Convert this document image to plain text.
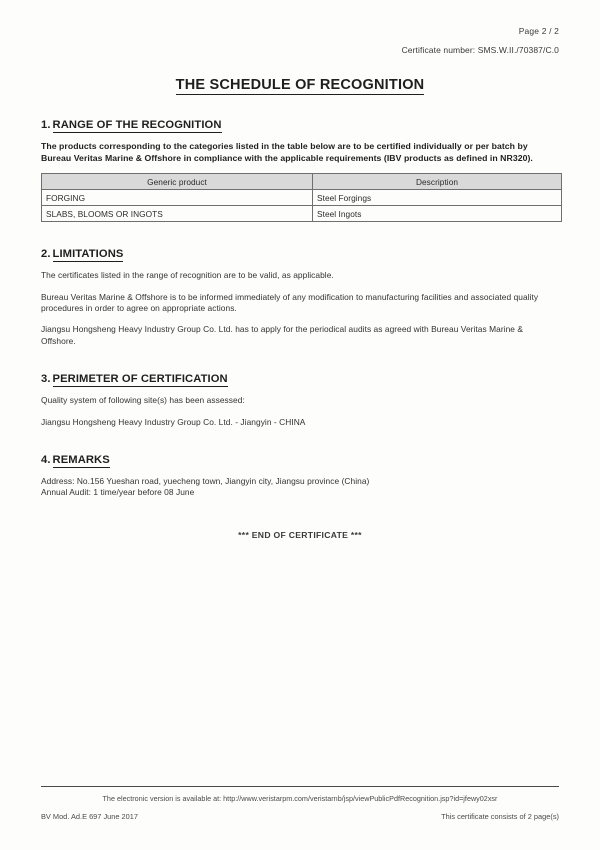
Page 2 / 2
Certificate number: SMS.W.II./70387/C.0
THE SCHEDULE OF RECOGNITION
1. RANGE OF THE RECOGNITION
The products corresponding to the categories listed in the table below are to be certified individually or per batch by Bureau Veritas Marine & Offshore in compliance with the applicable requirements (IBV products as defined in NR320).
Generic product	Description
FORGING	Steel Forgings
SLABS, BLOOMS OR INGOTS	Steel Ingots
2. LIMITATIONS
The certificates listed in the range of recognition are to be valid, as applicable.
Bureau Veritas Marine & Offshore is to be informed immediately of any modification to manufacturing facilities and associated quality procedures in order to agree on appropriate actions.
Jiangsu Hongsheng Heavy Industry Group Co. Ltd. has to apply for the periodical audits as agreed with Bureau Veritas Marine & Offshore.
3. PERIMETER OF CERTIFICATION
Quality system of following site(s) has been assessed:
Jiangsu Hongsheng Heavy Industry Group Co. Ltd. - Jiangyin - CHINA
4. REMARKS
Address: No.156 Yueshan road, yuecheng town, Jiangyin city, Jiangsu province (China)
Annual Audit: 1 time/year before 08 June
*** END OF CERTIFICATE ***
The electronic version is available at: http://www.veristarpm.com/veristarnb/jsp/viewPublicPdfRecognition.jsp?id=jfewy02xsr
BV Mod. Ad.E 697 June 2017	This certificate consists of 2 page(s)
